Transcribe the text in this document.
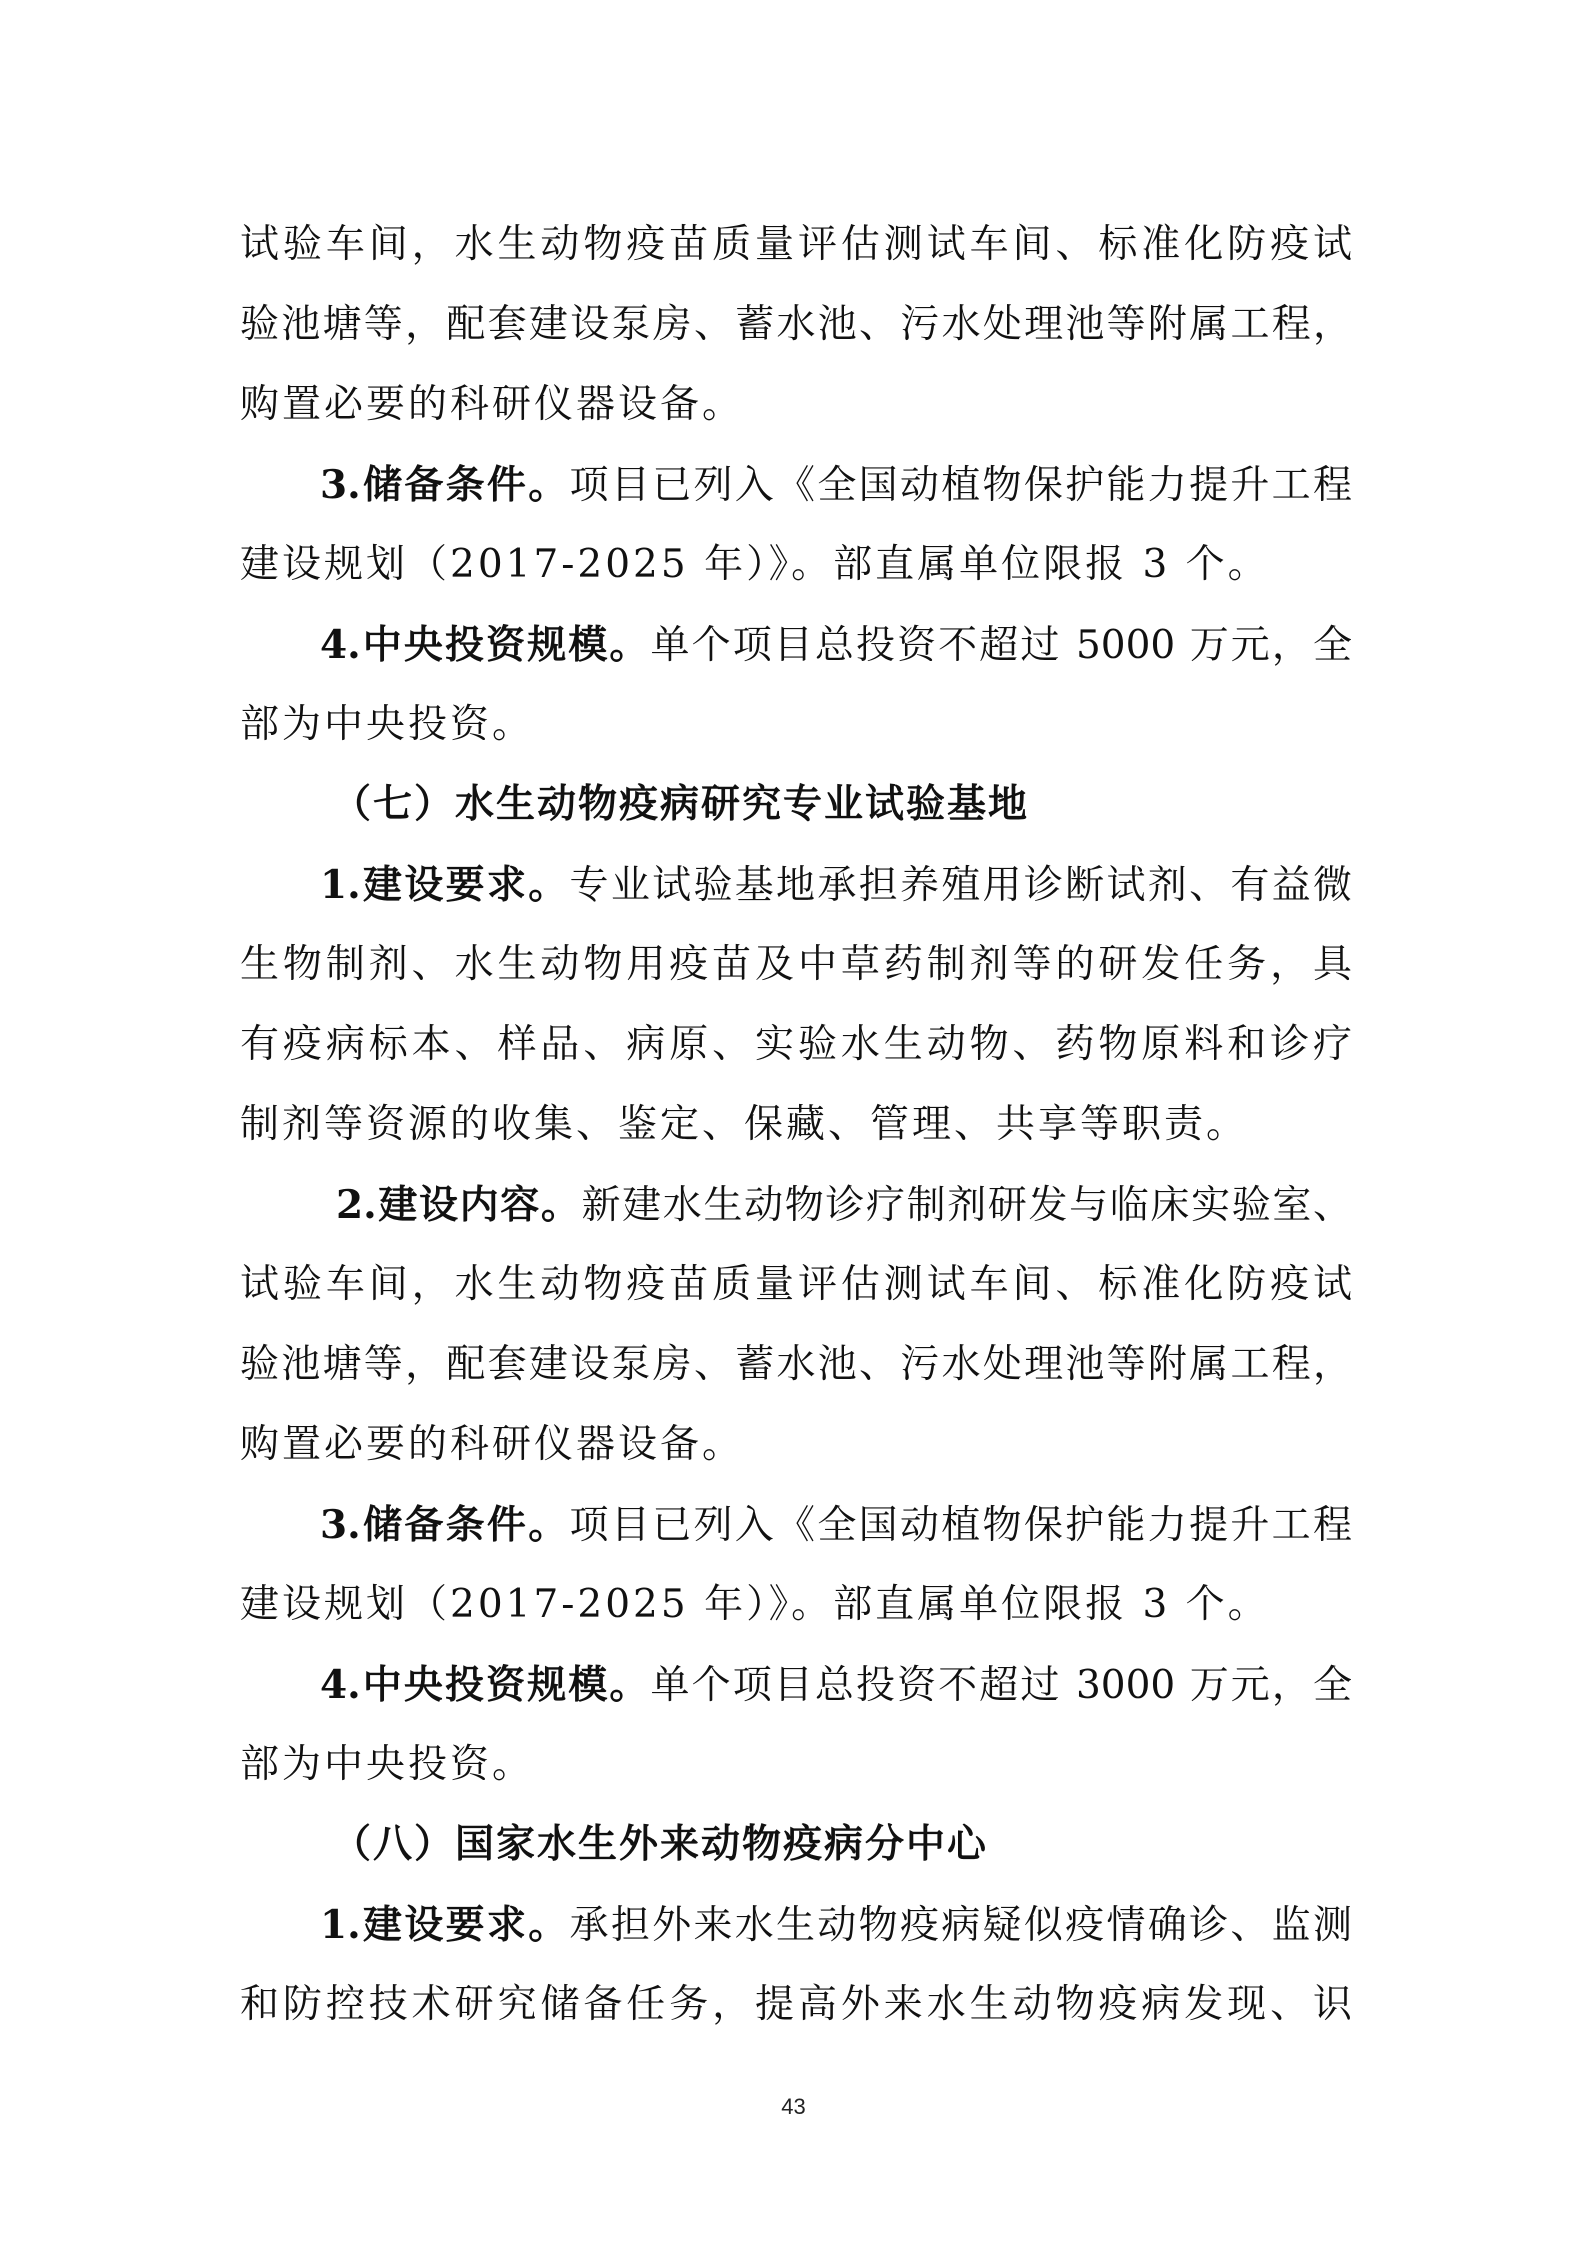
试验车间，水生动物疫苗质量评估测试车间、标准化防疫试
验池塘等，配套建设泵房、蓄水池、污水处理池等附属工程，
购置必要的科研仪器设备。
3.储备条件。项目已列入《全国动植物保护能力提升工程
建设规划（2017-2025 年）》。部直属单位限报 3 个。
4.中央投资规模。单个项目总投资不超过 5000 万元，全
部为中央投资。
（七）水生动物疫病研究专业试验基地
1.建设要求。专业试验基地承担养殖用诊断试剂、有益微
生物制剂、水生动物用疫苗及中草药制剂等的研发任务，具
有疫病标本、样品、病原、实验水生动物、药物原料和诊疗
制剂等资源的收集、鉴定、保藏、管理、共享等职责。
2.建设内容。新建水生动物诊疗制剂研发与临床实验室、
试验车间，水生动物疫苗质量评估测试车间、标准化防疫试
验池塘等，配套建设泵房、蓄水池、污水处理池等附属工程，
购置必要的科研仪器设备。
3.储备条件。项目已列入《全国动植物保护能力提升工程
建设规划（2017-2025 年）》。部直属单位限报 3 个。
4.中央投资规模。单个项目总投资不超过 3000 万元，全
部为中央投资。
（八）国家水生外来动物疫病分中心
1.建设要求。承担外来水生动物疫病疑似疫情确诊、监测
和防控技术研究储备任务，提高外来水生动物疫病发现、识
43
